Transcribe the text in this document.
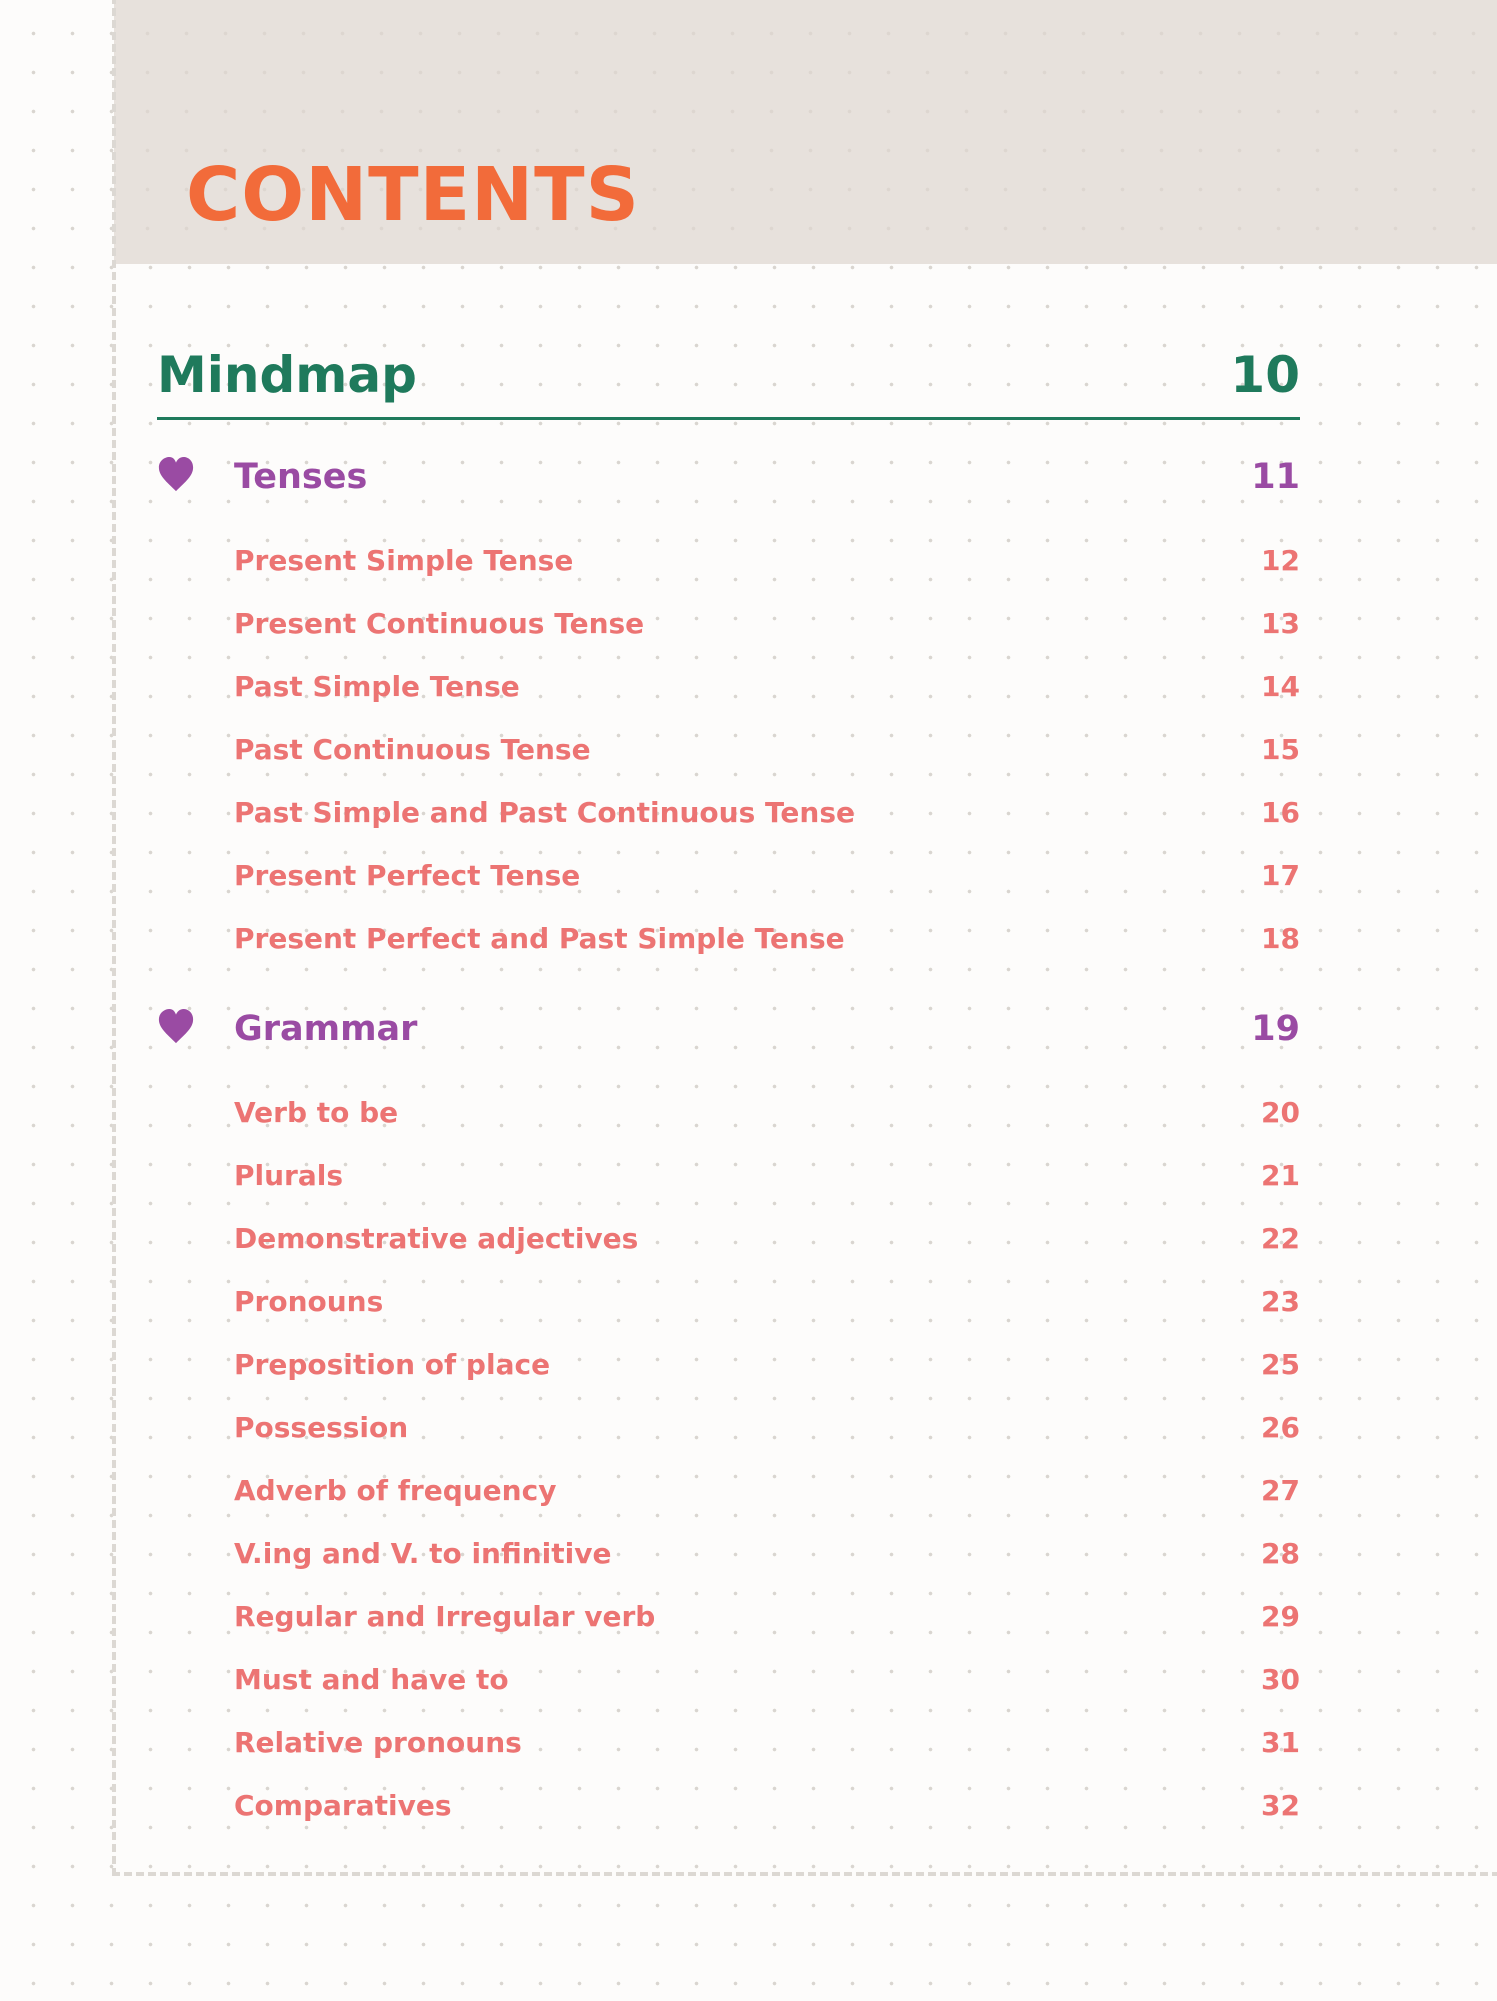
CONTENTS
Mindmap	10
Tenses	11
Present Simple Tense	12
Present Continuous Tense	13
Past Simple Tense	14
Past Continuous Tense	15
Past Simple and Past Continuous Tense	16
Present Perfect Tense	17
Present Perfect and Past Simple Tense	18
Grammar	19
Verb to be	20
Plurals	21
Demonstrative adjectives	22
Pronouns	23
Preposition of place	25
Possession	26
Adverb of frequency	27
V.ing and V. to infinitive	28
Regular and Irregular verb	29
Must and have to	30
Relative pronouns	31
Comparatives	32
